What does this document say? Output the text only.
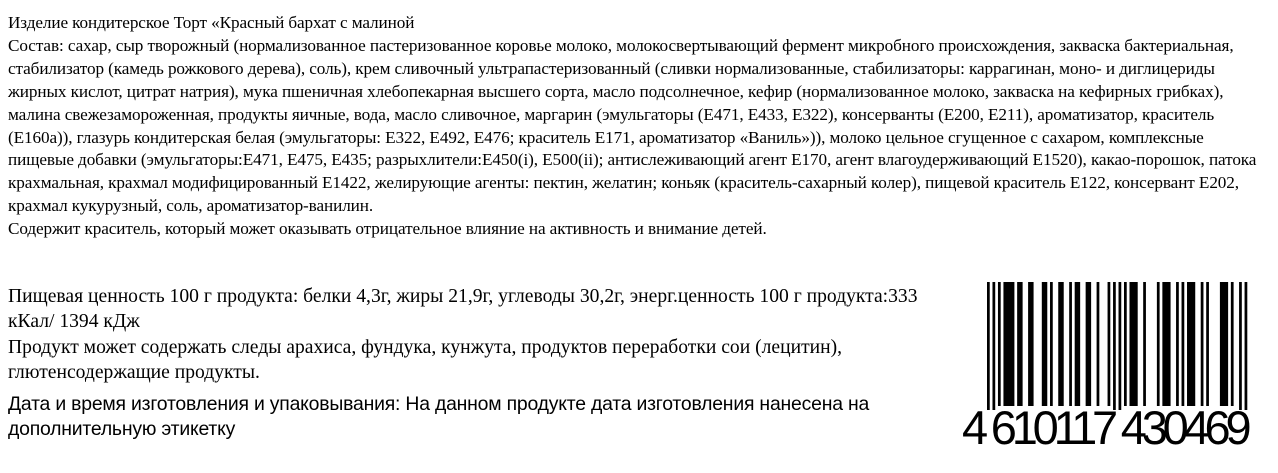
Изделие кондитерское Торт «Красный бархат с малиной

Состав: сахар, сыр творожный (нормализованное пастеризованное коровье молоко, молокосвертывающий фермент микробного происхождения, закваска бактериальная, стабилизатор (камедь рожкового дерева), соль), крем сливочный ультрапастеризованный (сливки нормализованные, стабилизаторы: каррагинан, моно- и диглицериды жирных кислот, цитрат натрия), мука пшеничная хлебопекарная высшего сорта, масло подсолнечное, кефир (нормализованное молоко, закваска на кефирных грибках), малина свежезамороженная, продукты яичные, вода, масло сливочное, маргарин (эмульгаторы (Е471, Е433, Е322), консерванты (Е200, Е211), ароматизатор, краситель (Е160а)), глазурь кондитерская белая (эмульгаторы: Е322, Е492, Е476; краситель Е171, ароматизатор «Ваниль»)), молоко цельное сгущенное с сахаром, комплексные пищевые добавки (эмульгаторы:Е471, Е475, Е435; разрыхлители:Е450(i), Е500(ii); антислеживающий агент Е170, агент влагоудерживающий Е1520), какао-порошок, патока крахмальная, крахмал модифицированный Е1422, желирующие агенты: пектин, желатин; коньяк (краситель-сахарный колер), пищевой краситель Е122, консервант Е202, крахмал кукурузный, соль, ароматизатор-ванилин.

Содержит краситель, который может оказывать отрицательное влияние на активность и внимание детей.

Пищевая ценность 100 г продукта: белки 4,3г, жиры 21,9г, углеводы 30,2г, энерг.ценность 100 г продукта:333 кКал/ 1394 кДж

Продукт может содержать следы арахиса, фундука, кунжута, продуктов переработки сои (лецитин), глютенсодержащие продукты.

Дата и время изготовления и упаковывания: На данном продукте дата изготовления нанесена на дополнительную этикетку	4 610117 430469
